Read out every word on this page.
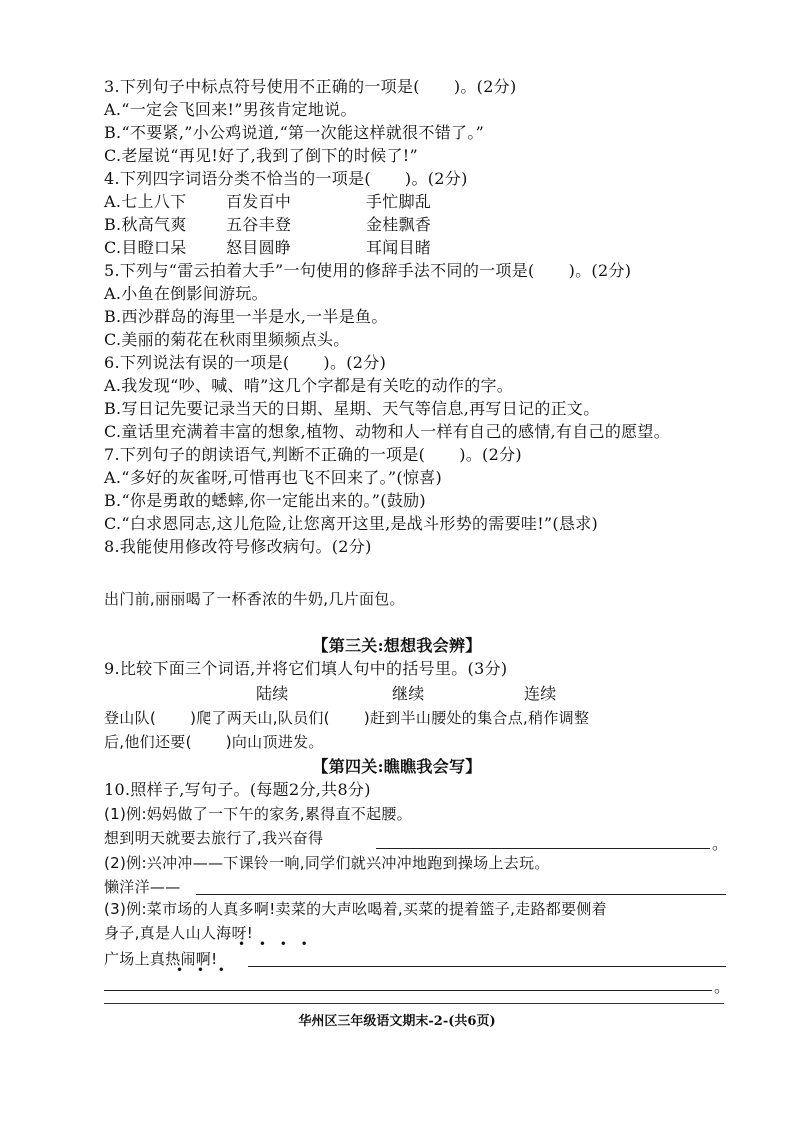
3.下列句子中标点符号使用不正确的一项是( )。(2分)
A.“一定会飞回来!”男孩肯定地说。
B.“不要紧,”小公鸡说道,“第一次能这样就很不错了。”
C.老屋说“再见!好了,我到了倒下的时候了!”
4.下列四字词语分类不恰当的一项是( )。(2分)
A.七上八下 百发百中	手忙脚乱
B.秋高气爽 五谷丰登	金桂飘香
C.目瞪口呆 怒目圆睁	耳闻目睹
5.下列与“雷云拍着大手”一句使用的修辞手法不同的一项是( )。(2分)
A.小鱼在倒影间游玩。
B.西沙群岛的海里一半是水,一半是鱼。
C.美丽的菊花在秋雨里频频点头。
6.下列说法有误的一项是( )。(2分)
A.我发现“吵、喊、啃”这几个字都是有关吃的动作的字。
B.写日记先要记录当天的日期、星期、天气等信息,再写日记的正文。
C.童话里充满着丰富的想象,植物、动物和人一样有自己的感情,有自己的愿望。
7.下列句子的朗读语气,判断不正确的一项是( )。(2分)
A.“多好的灰雀呀,可惜再也飞不回来了。”(惊喜)
B.“你是勇敢的蟋蟀,你一定能出来的。”(鼓励)
C.“白求恩同志,这儿危险,让您离开这里,是战斗形势的需要哇!”(恳求)
8.我能使用修改符号修改病句。(2分)
出门前,丽丽喝了一杯香浓的牛奶,几片面包。
【第三关:想想我会辨】
9.比较下面三个词语,并将它们填人句中的括号里。(3分)
陆续	继续	连续
登山队( )爬了两天山,队员们( )赶到半山腰处的集合点,稍作调整
后,他们还要( )向山顶进发。
【第四关:瞧瞧我会写】
10.照样子,写句子。(每题2分,共8分)
(1)例:妈妈做了一下午的家务,累得直不起腰。
想到明天就要去旅行了,我兴奋得	。
(2)例:兴冲冲——下课铃一响,同学们就兴冲冲地跑到操场上去玩。
懒洋洋——
(3)例:菜市场的人真多啊!卖菜的大声吆喝着,买菜的提着篮子,走路都要侧着
身子,真是人山人海呀!
• • • •
广场上真热闹啊!
• • •
。
华州区三年级语文期末-2-(共6页)
